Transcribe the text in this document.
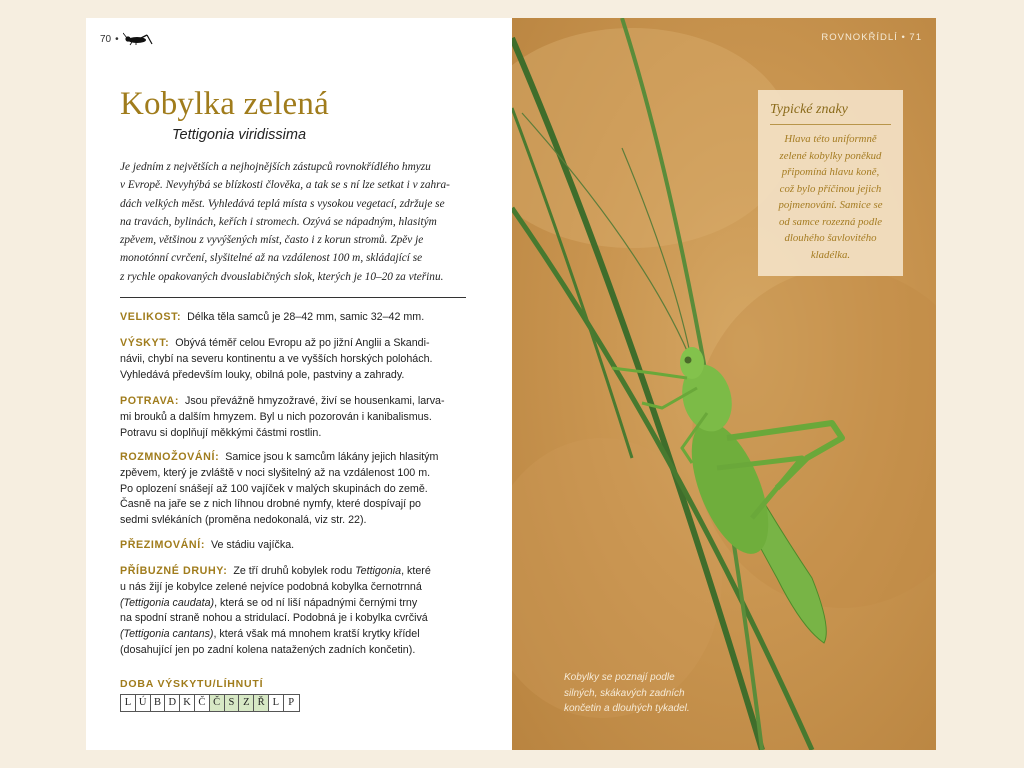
70 •
Kobylka zelená
Tettigonia viridissima
Je jedním z největších a nejhojnějších zástupců rovnokřídlého hmyzu
v Evropě. Nevyhýbá se blízkosti člověka, a tak se s ní lze setkat i v zahra-
dách velkých měst. Vyhledává teplá místa s vysokou vegetací, zdržuje se
na travách, bylinách, keřích i stromech. Ozývá se nápadným, hlasitým
zpěvem, většinou z vyvýšených míst, často i z korun stromů. Zpěv je
monotónní cvrčení, slyšitelné až na vzdálenost 100 m, skládající se
z rychle opakovaných dvouslabičných slok, kterých je 10–20 za vteřinu.
VELIKOST: Délka těla samců je 28–42 mm, samic 32–42 mm.
VÝSKYT: Obývá téměř celou Evropu až po jižní Anglii a Skandi-
návii, chybí na severu kontinentu a ve vyšších horských polohách.
Vyhledává především louky, obilná pole, pastviny a zahrady.
POTRAVA: Jsou převážně hmyzožravé, živí se housenkami, larva-
mi brouků a dalším hmyzem. Byl u nich pozorován i kanibalismus.
Potravu si doplňují měkkými částmi rostlin.
ROZMNOŽOVÁNÍ: Samice jsou k samcům lákány jejich hlasitým
zpěvem, který je zvláště v noci slyšitelný až na vzdálenost 100 m.
Po oplození snášejí až 100 vajíček v malých skupinách do země.
Časně na jaře se z nich líhnou drobné nymfy, které dospívají po
sedmi svlékáních (proměna nedokonalá, viz str. 22).
PŘEZIMOVÁNÍ: Ve stádiu vajíčka.
PŘÍBUZNÉ DRUHY: Ze tří druhů kobylek rodu Tettigonia, které
u nás žijí je kobylce zelené nejvíce podobná kobylka černotrnná
(Tettigonia caudata), která se od ní liší nápadnými černými trny
na spodní straně nohou a stridulací. Podobná je i kobylka cvrčivá
(Tettigonia cantans), která však má mnohem kratší krytky křídel
(dosahující jen po zadní kolena natažených zadních končetin).
DOBA VÝSKYTU/LÍHNUTÍ
L Ú B D K Č Č S Z Ř L P
ROVNOKŘÍDLÍ • 71
Typické znaky
Hlava této uniformně
zelené kobylky poněkud
připomíná hlavu koně,
což bylo příčinou jejich
pojmenování. Samice se
od samce rozezná podle
dlouhého šavlovitého
kladélka.
Kobylky se poznají podle
silných, skákavých zadních
končetin a dlouhých tykadel.
